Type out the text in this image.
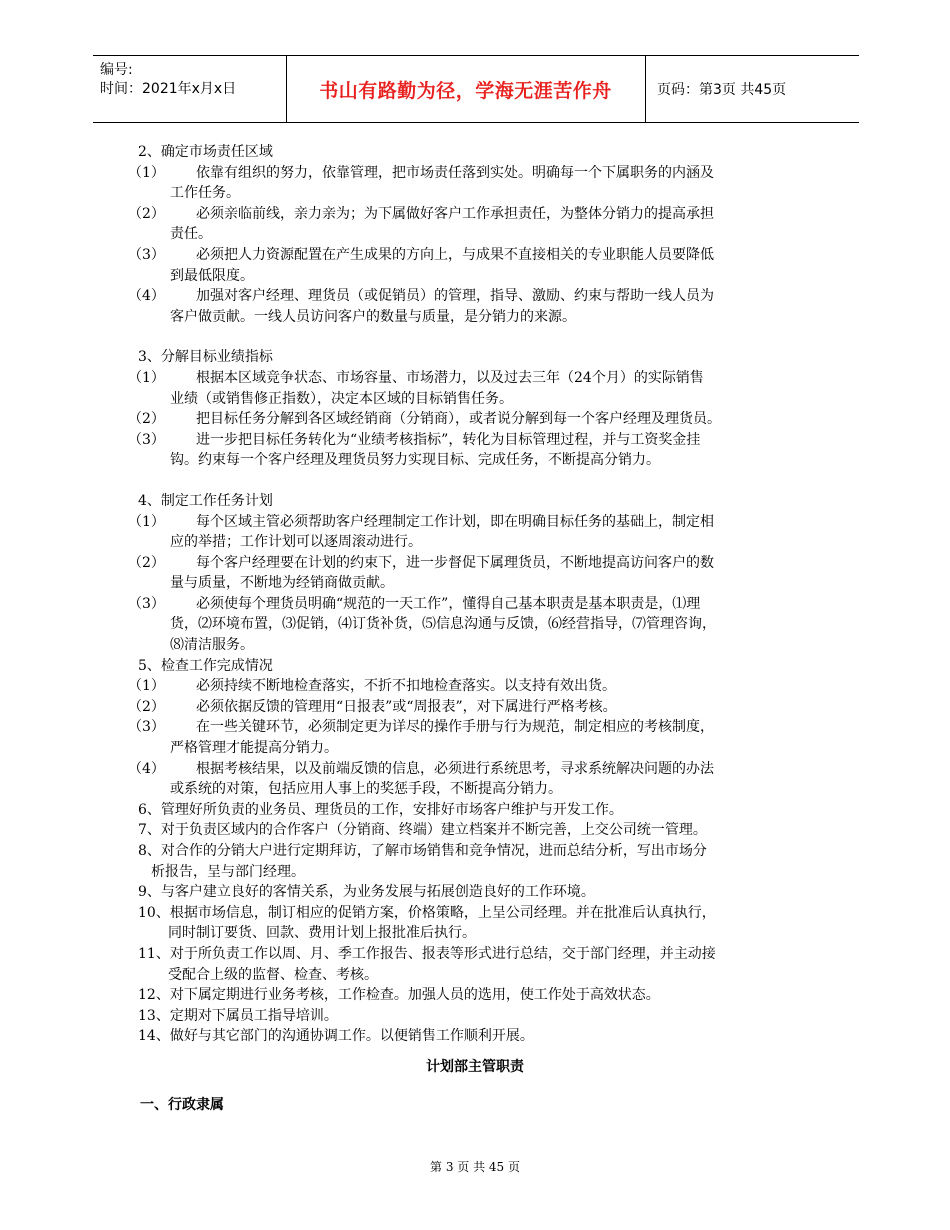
编号:
时间：2021年x月x日	书山有路勤为径，学海无涯苦作舟	页码：第3页 共45页
2、确定市场责任区域
（1）	依靠有组织的努力，依靠管理，把市场责任落到实处。明确每一个下属职务的内涵及
工作任务。
（2）	必须亲临前线，亲力亲为；为下属做好客户工作承担责任，为整体分销力的提高承担
责任。
（3）	必须把人力资源配置在产生成果的方向上，与成果不直接相关的专业职能人员要降低
到最低限度。
（4）	加强对客户经理、理货员（或促销员）的管理，指导、激励、约束与帮助一线人员为
客户做贡献。一线人员访问客户的数量与质量，是分销力的来源。
3、分解目标业绩指标
（1）	根据本区域竞争状态、市场容量、市场潜力，以及过去三年（24个月）的实际销售
业绩（或销售修正指数），决定本区域的目标销售任务。
（2）	把目标任务分解到各区域经销商（分销商），或者说分解到每一个客户经理及理货员。
（3）	进一步把目标任务转化为“业绩考核指标”，转化为目标管理过程，并与工资奖金挂
钩。约束每一个客户经理及理货员努力实现目标、完成任务，不断提高分销力。
4、制定工作任务计划
（1）	每个区域主管必须帮助客户经理制定工作计划，即在明确目标任务的基础上，制定相
应的举措；工作计划可以逐周滚动进行。
（2）	每个客户经理要在计划的约束下，进一步督促下属理货员，不断地提高访问客户的数
量与质量，不断地为经销商做贡献。
（3）	必须使每个理货员明确“规范的一天工作”，懂得自己基本职责是基本职责是，⑴理
货，⑵环境布置，⑶促销，⑷订货补货，⑸信息沟通与反馈，⑹经营指导，⑺管理咨询，
⑻清洁服务。
5、检查工作完成情况
（1）	必须持续不断地检查落实，不折不扣地检查落实。以支持有效出货。
（2）	必须依据反馈的管理用“日报表”或“周报表”，对下属进行严格考核。
（3）	在一些关键环节，必须制定更为详尽的操作手册与行为规范，制定相应的考核制度，
严格管理才能提高分销力。
（4）	根据考核结果，以及前端反馈的信息，必须进行系统思考，寻求系统解决问题的办法
或系统的对策，包括应用人事上的奖惩手段，不断提高分销力。
6、管理好所负责的业务员、理货员的工作，安排好市场客户维护与开发工作。
7、对于负责区域内的合作客户（分销商、终端）建立档案并不断完善，上交公司统一管理。
8、对合作的分销大户进行定期拜访，了解市场销售和竞争情况，进而总结分析，写出市场分
析报告，呈与部门经理。
9、与客户建立良好的客情关系，为业务发展与拓展创造良好的工作环境。
10、根据市场信息，制订相应的促销方案，价格策略，上呈公司经理。并在批准后认真执行，
同时制订要货、回款、费用计划上报批准后执行。
11、对于所负责工作以周、月、季工作报告、报表等形式进行总结，交于部门经理，并主动接
受配合上级的监督、检查、考核。
12、对下属定期进行业务考核，工作检查。加强人员的选用，使工作处于高效状态。
13、定期对下属员工指导培训。
14、做好与其它部门的沟通协调工作。以便销售工作顺利开展。
计划部主管职责
一、行政隶属
第 3 页 共 45 页
